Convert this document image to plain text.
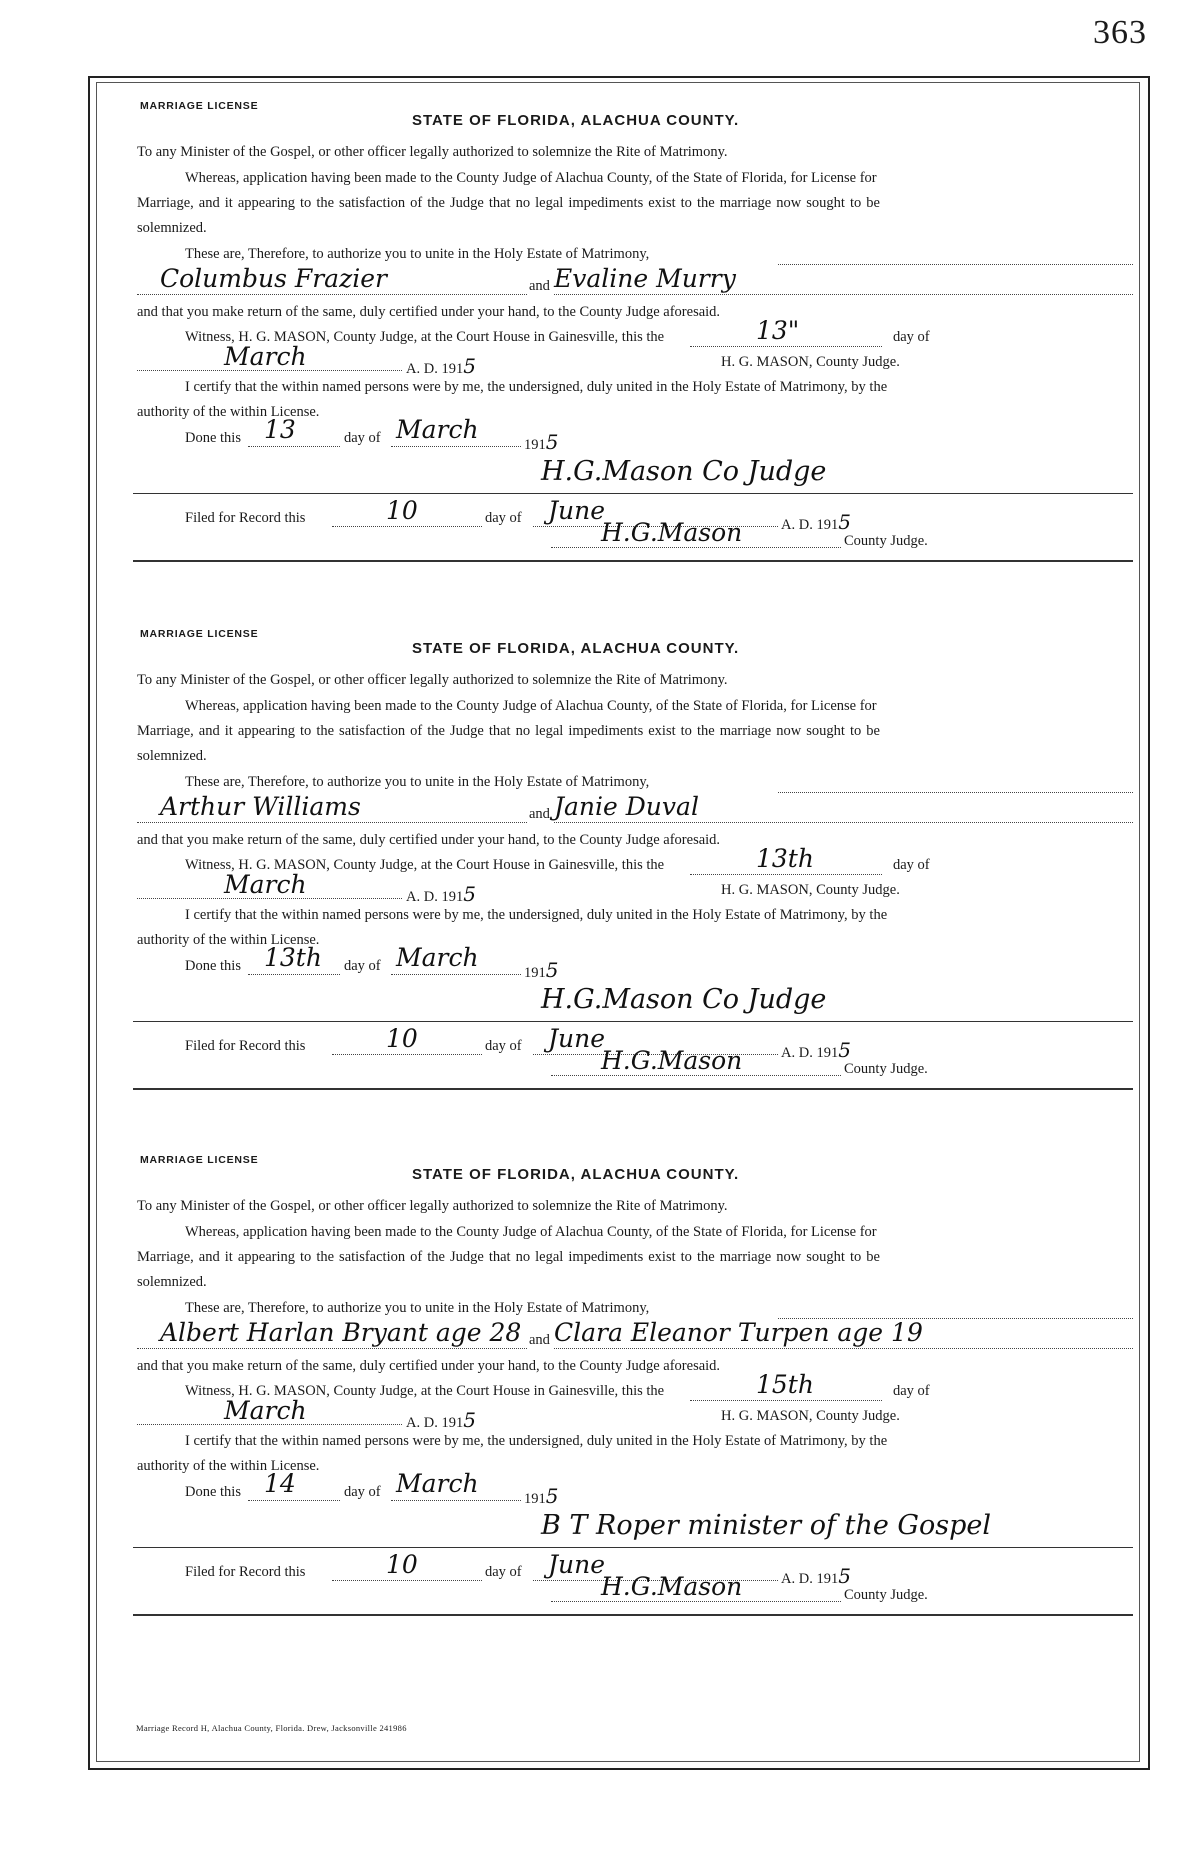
363
MARRIAGE LICENSE
STATE OF FLORIDA, ALACHUA COUNTY.
To any Minister of the Gospel, or other officer legally authorized to solemnize the Rite of Matrimony.
Whereas, application having been made to the County Judge of Alachua County, of the State of Florida, for License for
Marriage, and it appearing to the satisfaction of the Judge that no legal impediments exist to the marriage now sought to be
solemnized.
These are, Therefore, to authorize you to unite in the Holy Estate of Matrimony,
Columbus Frazier	and Evaline Murry
and that you make return of the same, duly certified under your hand, to the County Judge aforesaid.
Witness, H. G. MASON, County Judge, at the Court House in Gainesville, this the	13"	day of
March	A. D. 1915	H. G. MASON, County Judge.
I certify that the within named persons were by me, the undersigned, duly united in the Holy Estate of Matrimony, by the
authority of the within License.
Done this 13	day of March
1915
H.G.Mason Co Judge
Filed for Record this	10	day of June	A. D. 1915
H.G.Mason	County Judge.
MARRIAGE LICENSE
STATE OF FLORIDA, ALACHUA COUNTY.
To any Minister of the Gospel, or other officer legally authorized to solemnize the Rite of Matrimony.
Whereas, application having been made to the County Judge of Alachua County, of the State of Florida, for License for
Marriage, and it appearing to the satisfaction of the Judge that no legal impediments exist to the marriage now sought to be
solemnized.
These are, Therefore, to authorize you to unite in the Holy Estate of Matrimony,
Arthur Williams	and Janie Duval
and that you make return of the same, duly certified under your hand, to the County Judge aforesaid.
Witness, H. G. MASON, County Judge, at the Court House in Gainesville, this the	13th	day of
March	A. D. 1915	H. G. MASON, County Judge.
I certify that the within named persons were by me, the undersigned, duly united in the Holy Estate of Matrimony, by the
authority of the within License.
Done this 13th day of March
1915
H.G.Mason Co Judge
Filed for Record this	10	day of June	A. D. 1915
H.G.Mason	County Judge.
MARRIAGE LICENSE
STATE OF FLORIDA, ALACHUA COUNTY.
To any Minister of the Gospel, or other officer legally authorized to solemnize the Rite of Matrimony.
Whereas, application having been made to the County Judge of Alachua County, of the State of Florida, for License for
Marriage, and it appearing to the satisfaction of the Judge that no legal impediments exist to the marriage now sought to be
solemnized.
These are, Therefore, to authorize you to unite in the Holy Estate of Matrimony,
Albert Harlan Bryant age 28 and Clara Eleanor Turpen age 19
and that you make return of the same, duly certified under your hand, to the County Judge aforesaid.
Witness, H. G. MASON, County Judge, at the Court House in Gainesville, this the	15th	day of
March	A. D. 1915	H. G. MASON, County Judge.
I certify that the within named persons were by me, the undersigned, duly united in the Holy Estate of Matrimony, by the
authority of the within License.
Done this 14	day of March
1915
B T Roper minister of the Gospel
Filed for Record this	10	day of June	A. D. 1915
H.G.Mason	County Judge.
Marriage Record H, Alachua County, Florida. Drew, Jacksonville 241986
